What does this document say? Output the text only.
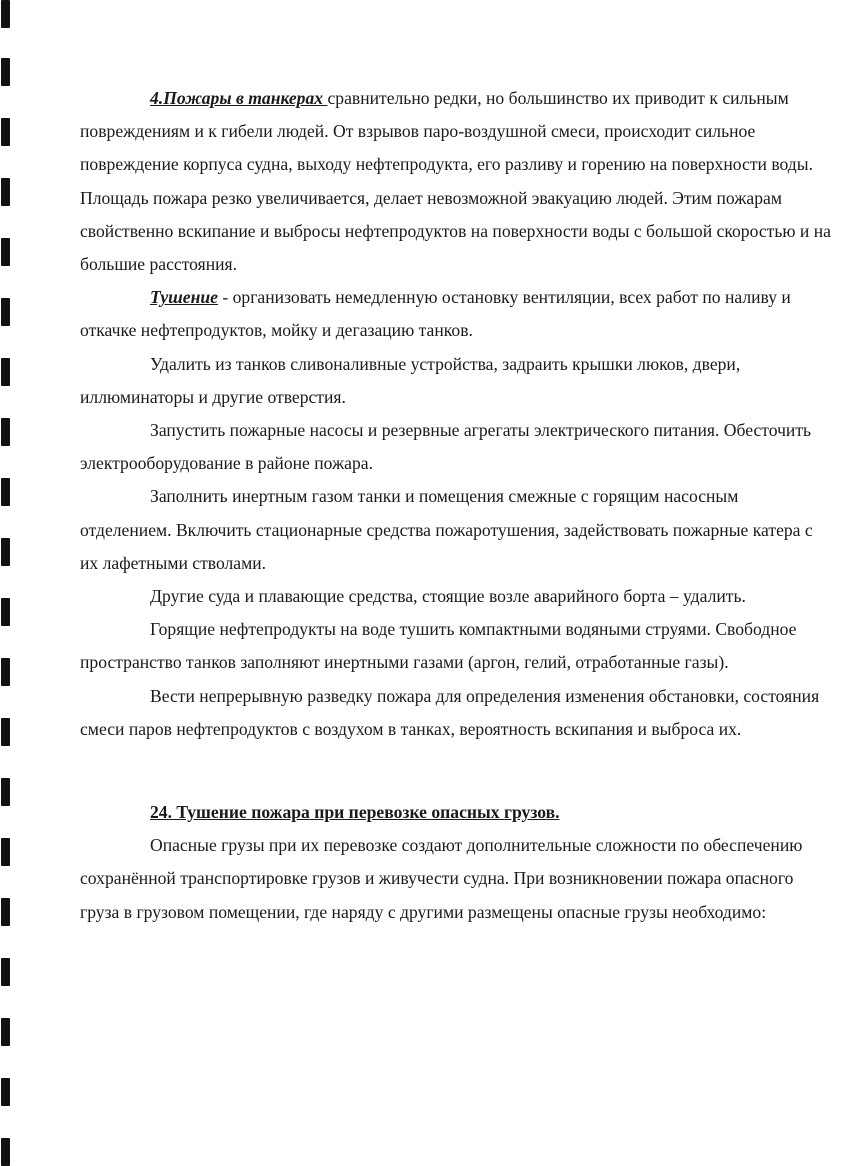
4.Пожары в танкерах сравнительно редки, но большинство их приводит к сильным повреждениям и к гибели людей. От взрывов паро-воздушной смеси, происходит сильное повреждение корпуса судна, выходу нефтепродукта, его разливу и горению на поверхности воды. Площадь пожара резко увеличивается, делает невозможной эвакуацию людей. Этим пожарам свойственно вскипание и выбросы нефтепродуктов на поверхности воды с большой скоростью и на большие расстояния.

Тушение - организовать немедленную остановку вентиляции, всех работ по наливу и откачке нефтепродуктов, мойку и дегазацию танков.

Удалить из танков сливоналивные устройства, задраить крышки люков, двери, иллюминаторы и другие отверстия.

Запустить пожарные насосы и резервные агрегаты электрического питания. Обесточить электрооборудование в районе пожара.

Заполнить инертным газом танки и помещения смежные с горящим насосным отделением. Включить стационарные средства пожаротушения, задействовать пожарные катера с их лафетными стволами.

Другие суда и плавающие средства, стоящие возле аварийного борта – удалить.

Горящие нефтепродукты на воде тушить компактными водяными струями. Свободное пространство танков заполняют инертными газами (аргон, гелий, отработанные газы).

Вести непрерывную разведку пожара для определения изменения обстановки, состояния смеси паров нефтепродуктов с воздухом в танках, вероятность вскипания и выброса их.

24. Тушение пожара при перевозке опасных грузов.

Опасные грузы при их перевозке создают дополнительные сложности по обеспечению сохранённой транспортировке грузов и живучести судна. При возникновении пожара опасного груза в грузовом помещении, где наряду с другими размещены опасные грузы необходимо:
